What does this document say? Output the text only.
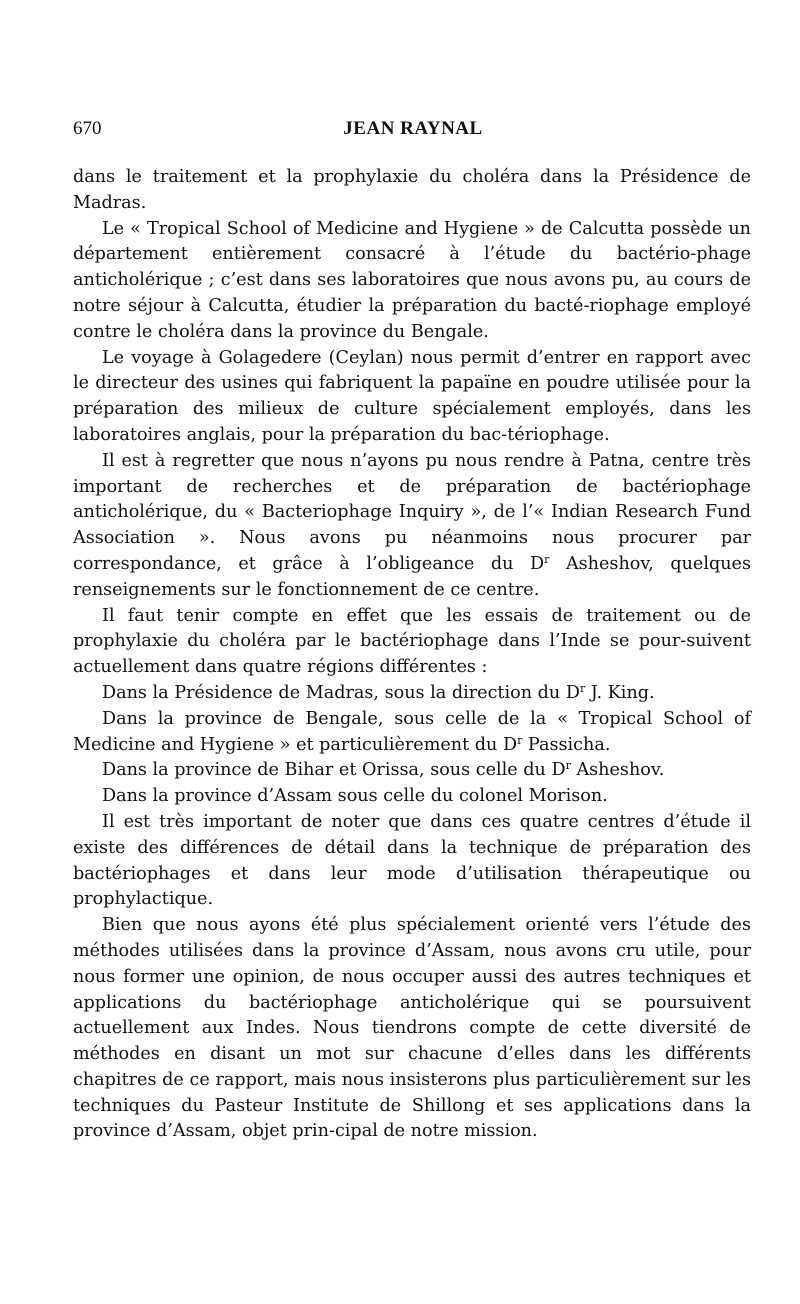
670	JEAN RAYNAL

dans le traitement et la prophylaxie du choléra dans la Présidence de Madras.

Le « Tropical School of Medicine and Hygiene » de Calcutta possède un département entièrement consacré à l’étude du bactério-phage anticholérique ; c’est dans ses laboratoires que nous avons pu, au cours de notre séjour à Calcutta, étudier la préparation du bacté-riophage employé contre le choléra dans la province du Bengale.

Le voyage à Golagedere (Ceylan) nous permit d’entrer en rapport avec le directeur des usines qui fabriquent la papaïne en poudre utilisée pour la préparation des milieux de culture spécialement employés, dans les laboratoires anglais, pour la préparation du bac-tériophage.

Il est à regretter que nous n’ayons pu nous rendre à Patna, centre très important de recherches et de préparation de bactériophage anticholérique, du « Bacteriophage Inquiry », de l’« Indian Research Fund Association ». Nous avons pu néanmoins nous procurer par correspondance, et grâce à l’obligeance du $D^r$ Asheshov, quelques renseignements sur le fonctionnement de ce centre.

Il faut tenir compte en effet que les essais de traitement ou de prophylaxie du choléra par le bactériophage dans l’Inde se pour-suivent actuellement dans quatre régions différentes :

Dans la Présidence de Madras, sous la direction du $D^r$ J. King.

Dans la province de Bengale, sous celle de la « Tropical School of Medicine and Hygiene » et particulièrement du $D^r$ Passicha.

Dans la province de Bihar et Orissa, sous celle du $D^r$ Asheshov.

Dans la province d’Assam sous celle du colonel Morison.

Il est très important de noter que dans ces quatre centres d’étude il existe des différences de détail dans la technique de préparation des bactériophages et dans leur mode d’utilisation thérapeutique ou prophylactique.

Bien que nous ayons été plus spécialement orienté vers l’étude des méthodes utilisées dans la province d’Assam, nous avons cru utile, pour nous former une opinion, de nous occuper aussi des autres techniques et applications du bactériophage anticholérique qui se poursuivent actuellement aux Indes. Nous tiendrons compte de cette diversité de méthodes en disant un mot sur chacune d’elles dans les différents chapitres de ce rapport, mais nous insisterons plus particulièrement sur les techniques du Pasteur Institute de Shillong et ses applications dans la province d’Assam, objet prin-cipal de notre mission.
